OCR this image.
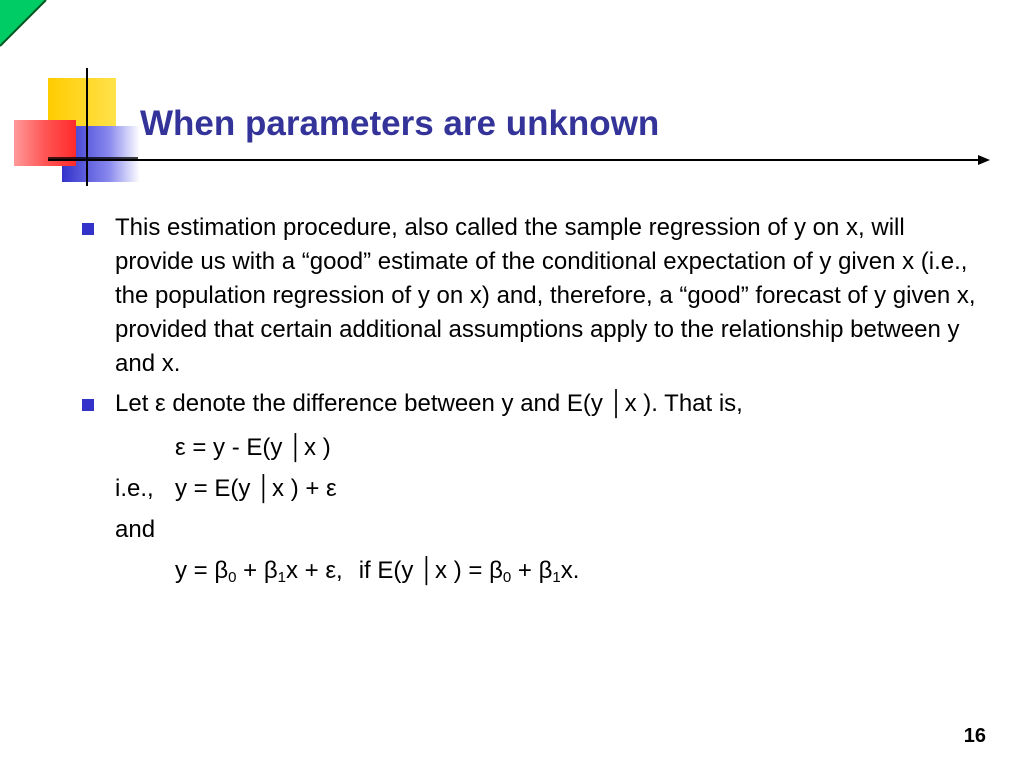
When parameters are unknown
This estimation procedure, also called the sample regression of y on x, will provide us with a “good” estimate of the conditional expectation of y given x (i.e., the population regression of y on x) and, therefore, a “good” forecast of y given x, provided that certain additional assumptions apply to the relationship between y and x.
Let ε denote the difference between y and E(y │x ). That is,
ε = y - E(y │x )
i.e., y = E(y │x ) + ε
and
$y = \beta_0 + \beta_1x + \varepsilon$, if E(y │x ) = $\beta_0 + \beta_1x$.
16
